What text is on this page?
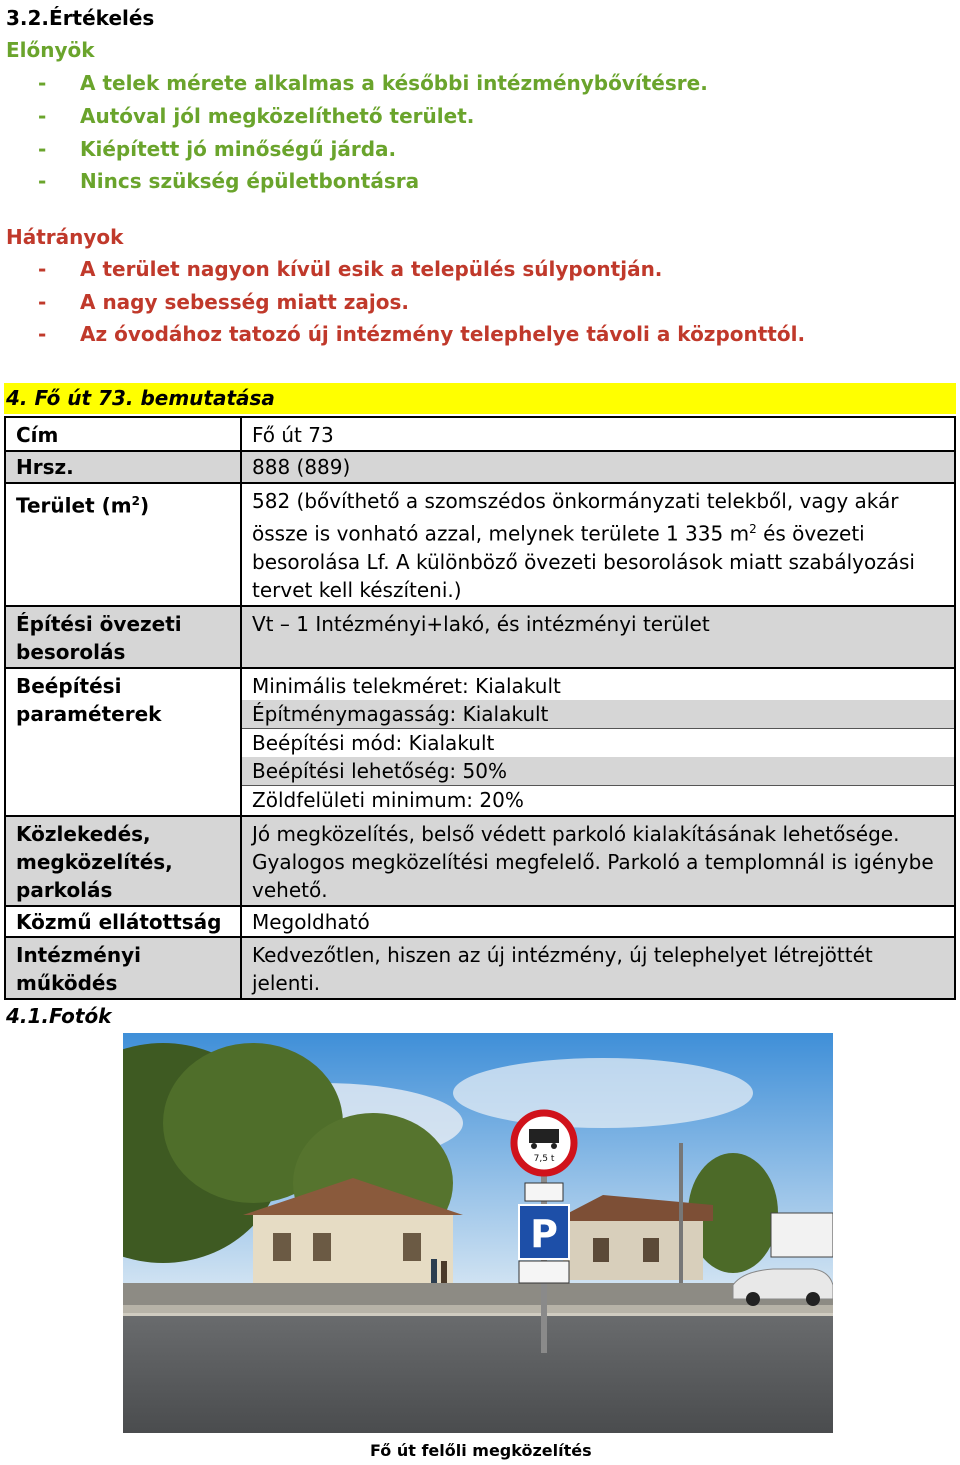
3.2.Értékelés
Előnyök
- A telek mérete alkalmas a későbbi intézménybővítésre.
- Autóval jól megközelíthető terület.
- Kiépített jó minőségű járda.
- Nincs szükség épületbontásra
Hátrányok
- A terület nagyon kívül esik a település súlypontján.
- A nagy sebesség miatt zajos.
- Az óvodához tatozó új intézmény telephelye távoli a központtól.
4. Fő út 73. bemutatása
Cím	Fő út 73
Hrsz.	888 (889)
Terület $(m^2)$	582 (bővíthető a szomszédos önkormányzati telekből, vagy akár össze is vonható azzal, melynek területe 1 335 $m^2$ és övezeti besorolása Lf. A különböző övezeti besorolások miatt szabályozási tervet kell készíteni.)
Építési övezeti besorolás	Vt – 1 Intézményi+lakó, és intézményi terület
Beépítési paraméterek	Minimális telekméret: Kialakult
Építménymagasság: Kialakult
Beépítési mód: Kialakult
Beépítési lehetőség: 50%
Zöldfelületi minimum: 20%

Közlekedés, megközelítés, parkolás	Jó megközelítés, belső védett parkoló kialakításának lehetősége. Gyalogos megközelítési megfelelő. Parkoló a templomnál is igénybe vehető.
Közmű ellátottság	Megoldható
Intézményi működés	Kedvezőtlen, hiszen az új intézmény, új telephelyet létrejöttét jelenti.
4.1.Fotók
7,5 t
P
Fő út felőli megközelítés
